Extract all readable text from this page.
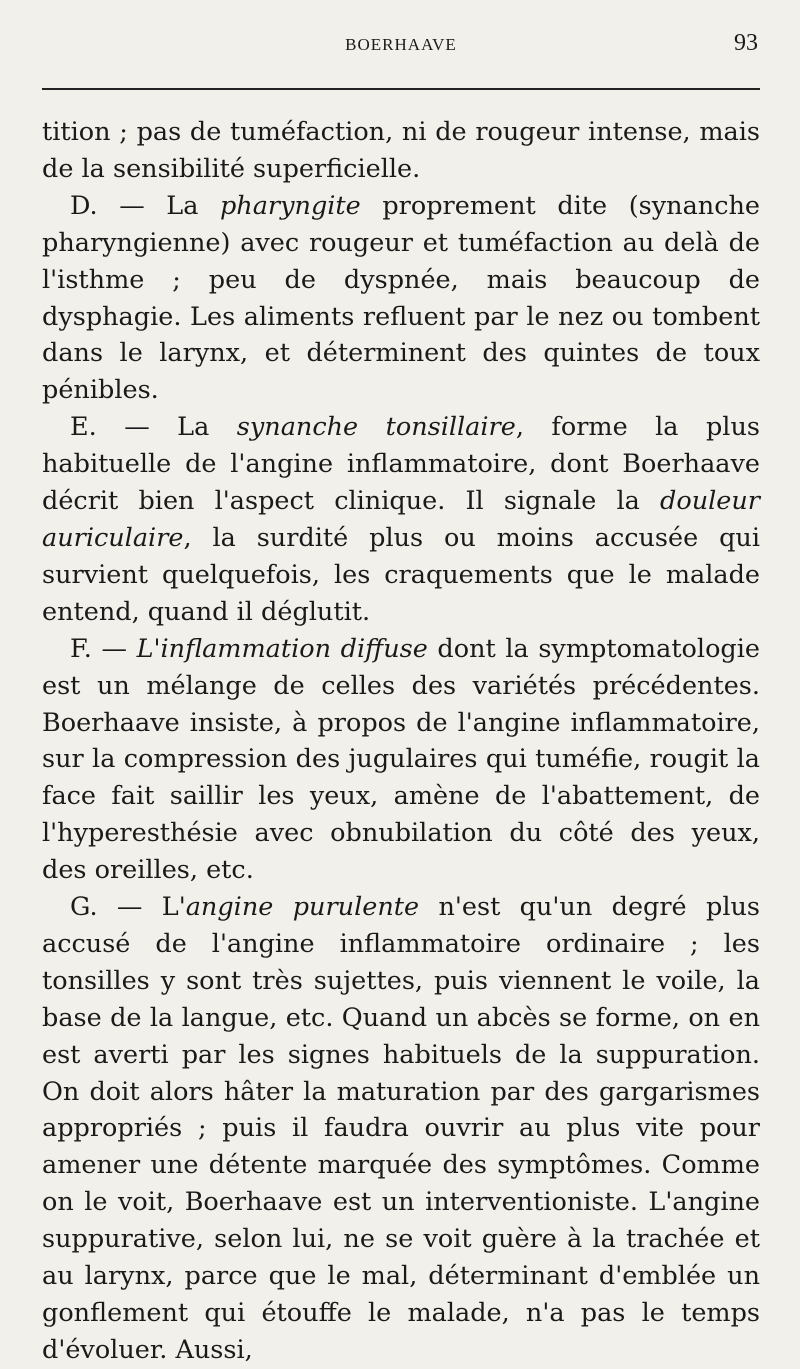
BOERHAAVE	93

tition ; pas de tuméfaction, ni de rougeur intense, mais de la sensibilité superficielle.

D. — La pharyngite proprement dite (synanche pharyngienne) avec rougeur et tuméfaction au delà de l'isthme ; peu de dyspnée, mais beaucoup de dysphagie. Les aliments refluent par le nez ou tombent dans le larynx, et déterminent des quintes de toux pénibles.

E. — La synanche tonsillaire, forme la plus habituelle de l'angine inflammatoire, dont Boerhaave décrit bien l'aspect clinique. Il signale la douleur auriculaire, la surdité plus ou moins accusée qui survient quelquefois, les craquements que le malade entend, quand il déglutit.

F. — L'inflammation diffuse dont la symptomatologie est un mélange de celles des variétés précédentes. Boerhaave insiste, à propos de l'angine inflammatoire, sur la compression des jugulaires qui tuméfie, rougit la face fait saillir les yeux, amène de l'abattement, de l'hyperesthésie avec obnubilation du côté des yeux, des oreilles, etc.

G. — L'angine purulente n'est qu'un degré plus accusé de l'angine inflammatoire ordinaire ; les tonsilles y sont très sujettes, puis viennent le voile, la base de la langue, etc. Quand un abcès se forme, on en est averti par les signes habituels de la suppuration. On doit alors hâter la maturation par des gargarismes appropriés ; puis il faudra ouvrir au plus vite pour amener une détente marquée des symptômes. Comme on le voit, Boerhaave est un interventioniste. L'angine suppurative, selon lui, ne se voit guère à la trachée et au larynx, parce que le mal, déterminant d'emblée un gonflement qui étouffe le malade, n'a pas le temps d'évoluer. Aussi,
